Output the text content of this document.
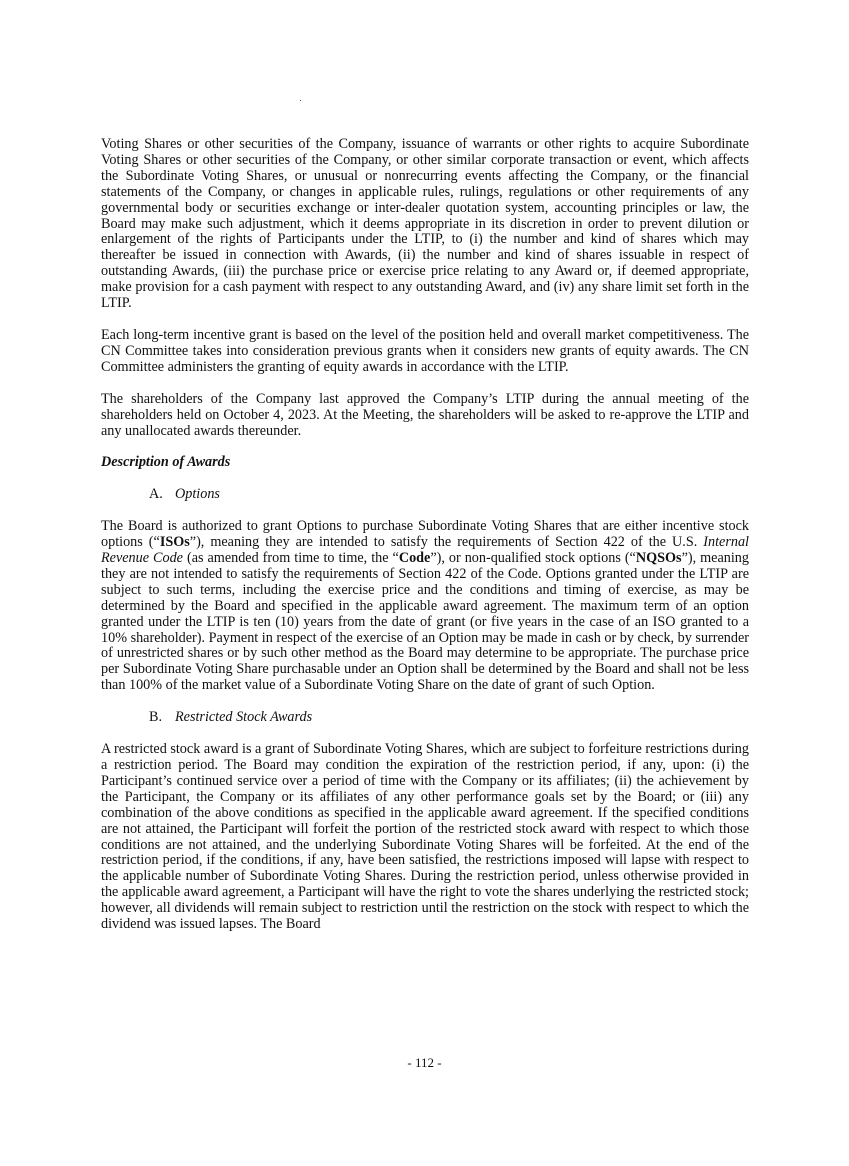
Voting Shares or other securities of the Company, issuance of warrants or other rights to acquire Subordinate Voting Shares or other securities of the Company, or other similar corporate transaction or event, which affects the Subordinate Voting Shares, or unusual or nonrecurring events affecting the Company, or the financial statements of the Company, or changes in applicable rules, rulings, regulations or other requirements of any governmental body or securities exchange or inter-dealer quotation system, accounting principles or law, the Board may make such adjustment, which it deems appropriate in its discretion in order to prevent dilution or enlargement of the rights of Participants under the LTIP, to (i) the number and kind of shares which may thereafter be issued in connection with Awards, (ii) the number and kind of shares issuable in respect of outstanding Awards, (iii) the purchase price or exercise price relating to any Award or, if deemed appropriate, make provision for a cash payment with respect to any outstanding Award, and (iv) any share limit set forth in the LTIP.

Each long-term incentive grant is based on the level of the position held and overall market competitiveness. The CN Committee takes into consideration previous grants when it considers new grants of equity awards. The CN Committee administers the granting of equity awards in accordance with the LTIP.

The shareholders of the Company last approved the Company’s LTIP during the annual meeting of the shareholders held on October 4, 2023. At the Meeting, the shareholders will be asked to re-approve the LTIP and any unallocated awards thereunder.

Description of Awards

A. Options

The Board is authorized to grant Options to purchase Subordinate Voting Shares that are either incentive stock options (“ISOs”), meaning they are intended to satisfy the requirements of Section 422 of the U.S. Internal Revenue Code (as amended from time to time, the “Code”), or non-qualified stock options (“NQSOs”), meaning they are not intended to satisfy the requirements of Section 422 of the Code. Options granted under the LTIP are subject to such terms, including the exercise price and the conditions and timing of exercise, as may be determined by the Board and specified in the applicable award agreement. The maximum term of an option granted under the LTIP is ten (10) years from the date of grant (or five years in the case of an ISO granted to a 10% shareholder). Payment in respect of the exercise of an Option may be made in cash or by check, by surrender of unrestricted shares or by such other method as the Board may determine to be appropriate. The purchase price per Subordinate Voting Share purchasable under an Option shall be determined by the Board and shall not be less than 100% of the market value of a Subordinate Voting Share on the date of grant of such Option.

B. Restricted Stock Awards

A restricted stock award is a grant of Subordinate Voting Shares, which are subject to forfeiture restrictions during a restriction period. The Board may condition the expiration of the restriction period, if any, upon: (i) the Participant’s continued service over a period of time with the Company or its affiliates; (ii) the achievement by the Participant, the Company or its affiliates of any other performance goals set by the Board; or (iii) any combination of the above conditions as specified in the applicable award agreement. If the specified conditions are not attained, the Participant will forfeit the portion of the restricted stock award with respect to which those conditions are not attained, and the underlying Subordinate Voting Shares will be forfeited. At the end of the restriction period, if the conditions, if any, have been satisfied, the restrictions imposed will lapse with respect to the applicable number of Subordinate Voting Shares. During the restriction period, unless otherwise provided in the applicable award agreement, a Participant will have the right to vote the shares underlying the restricted stock; however, all dividends will remain subject to restriction until the restriction on the stock with respect to which the dividend was issued lapses. The Board

- 112 -
